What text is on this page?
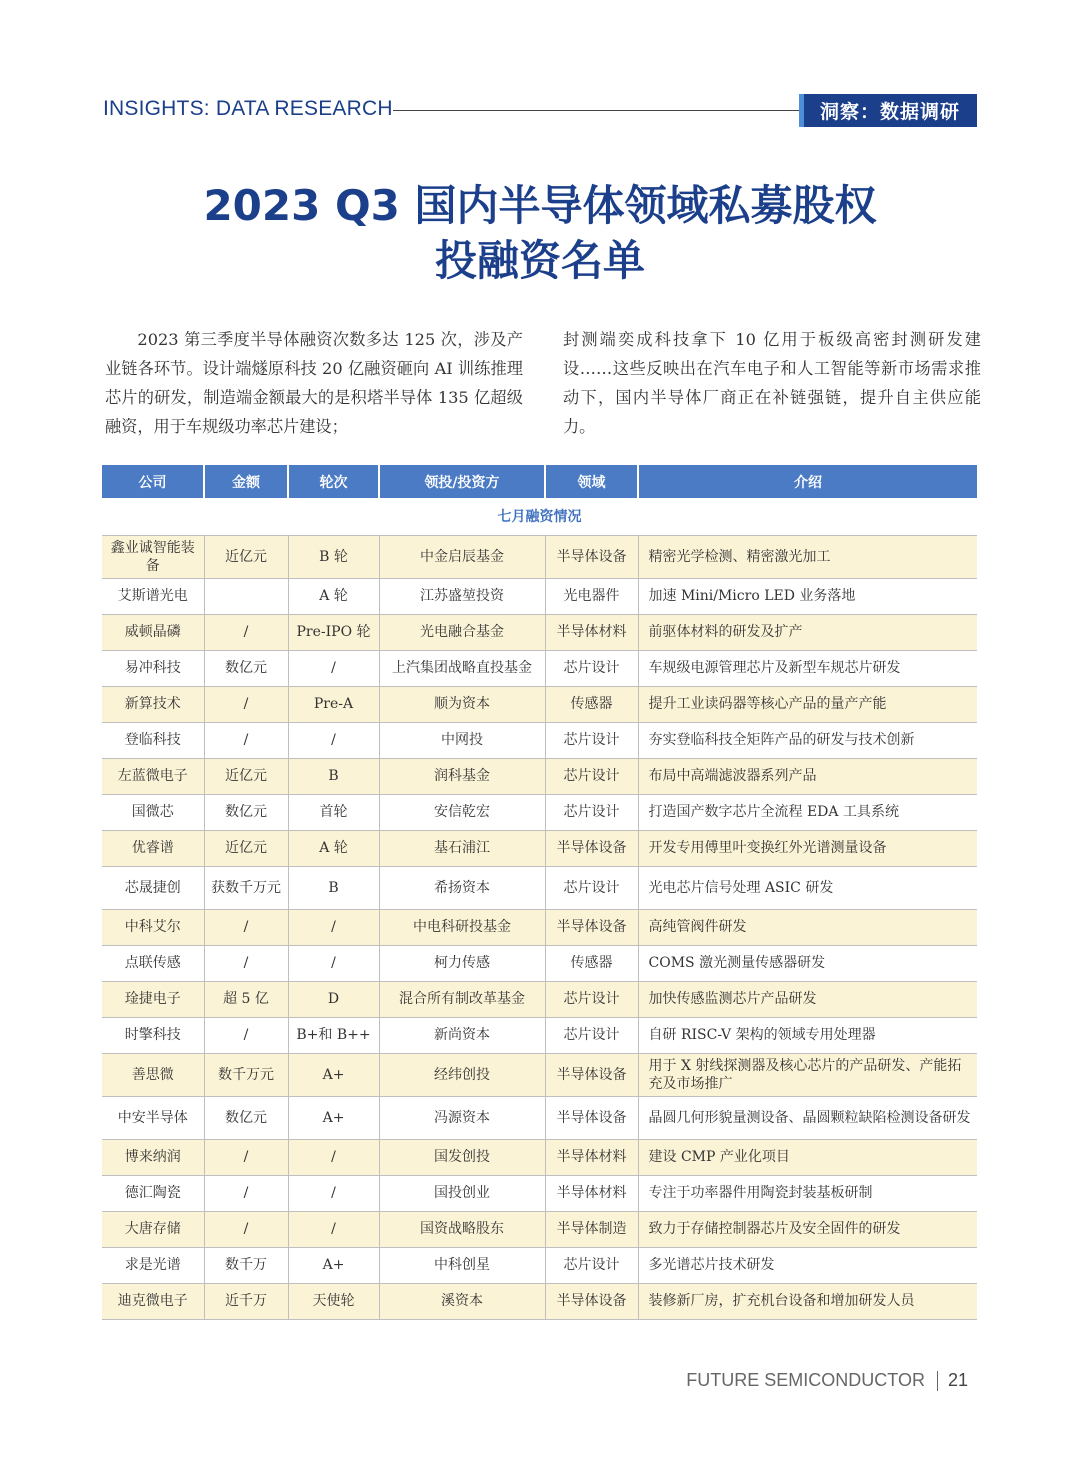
INSIGHTS: DATA RESEARCH	洞察：数据调研
2023 Q3 国内半导体领域私募股权
投融资名单
2023 第三季度半导体融资次数多达 125 次，涉及产业链各环节。设计端燧原科技 20 亿融资砸向 AI 训练推理芯片的研发，制造端金额最大的是积塔半导体 135 亿超级融资，用于车规级功率芯片建设；
封测端奕成科技拿下 10 亿用于板级高密封测研发建设……这些反映出在汽车电子和人工智能等新市场需求推动下，国内半导体厂商正在补链强链，提升自主供应能力。
公司	金额	轮次	领投/投资方	领域	介绍
七月融资情况					
鑫业诚智能装备	近亿元	B 轮	中金启辰基金	半导体设备	精密光学检测、精密激光加工
艾斯谱光电		A 轮	江苏盛堃投资	光电器件	加速 Mini/Micro LED 业务落地
威顿晶磷	/	Pre-IPO 轮	光电融合基金	半导体材料	前驱体材料的研发及扩产
易冲科技	数亿元	/	上汽集团战略直投基金	芯片设计	车规级电源管理芯片及新型车规芯片研发
新算技术	/	Pre-A	顺为资本	传感器	提升工业读码器等核心产品的量产产能
登临科技	/	/	中网投	芯片设计	夯实登临科技全矩阵产品的研发与技术创新
左蓝微电子	近亿元	B	润科基金	芯片设计	布局中高端滤波器系列产品
国微芯	数亿元	首轮	安信乾宏	芯片设计	打造国产数字芯片全流程 EDA 工具系统
优睿谱	近亿元	A 轮	基石浦江	半导体设备	开发专用傅里叶变换红外光谱测量设备
芯晟捷创	获数千万元	B	希扬资本	芯片设计	光电芯片信号处理 ASIC 研发
中科艾尔	/	/	中电科研投基金	半导体设备	高纯管阀件研发
点联传感	/	/	柯力传感	传感器	COMS 激光测量传感器研发
琻捷电子	超 5 亿	D	混合所有制改革基金	芯片设计	加快传感监测芯片产品研发
时擎科技	/	B+和 B++	新尚资本	芯片设计	自研 RISC-V 架构的领域专用处理器
善思微	数千万元	A+	经纬创投	半导体设备	用于 X 射线探测器及核心芯片的产品研发、产能拓充及市场推广
中安半导体	数亿元	A+	冯源资本	半导体设备	晶圆几何形貌量测设备、晶圆颗粒缺陷检测设备研发
博来纳润	/	/	国发创投	半导体材料	建设 CMP 产业化项目
德汇陶瓷	/	/	国投创业	半导体材料	专注于功率器件用陶瓷封装基板研制
大唐存储	/	/	国资战略股东	半导体制造	致力于存储控制器芯片及安全固件的研发
求是光谱	数千万	A+	中科创星	芯片设计	多光谱芯片技术研发
迪克微电子	近千万	天使轮	溪资本	半导体设备	装修新厂房，扩充机台设备和增加研发人员
FUTURE SEMICONDUCTOR 21
